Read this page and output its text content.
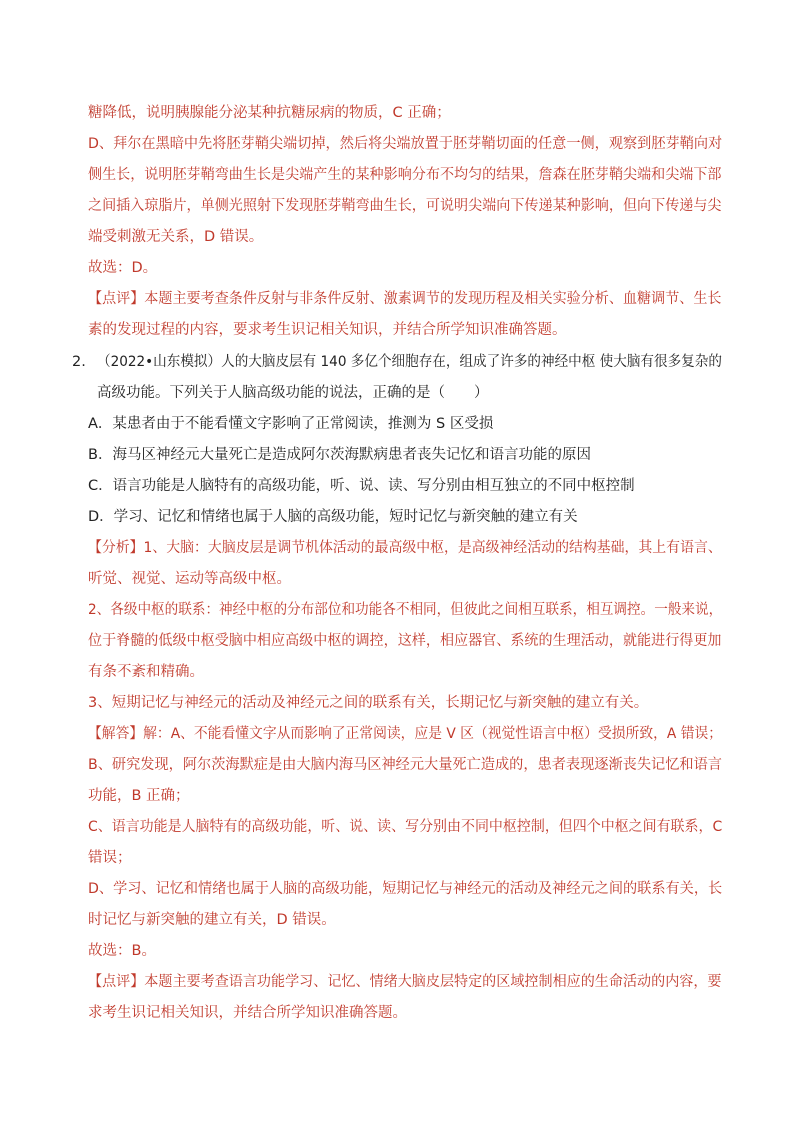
糖降低，说明胰腺能分泌某种抗糖尿病的物质，C 正确；
D、拜尔在黑暗中先将胚芽鞘尖端切掉，然后将尖端放置于胚芽鞘切面的任意一侧，观察到胚芽鞘向对
侧生长，说明胚芽鞘弯曲生长是尖端产生的某种影响分布不均匀的结果，詹森在胚芽鞘尖端和尖端下部
之间插入琼脂片，单侧光照射下发现胚芽鞘弯曲生长，可说明尖端向下传递某种影响，但向下传递与尖
端受刺激无关系，D 错误。
故选：D。
【点评】本题主要考查条件反射与非条件反射、激素调节的发现历程及相关实验分析、血糖调节、生长
素的发现过程的内容，要求考生识记相关知识，并结合所学知识准确答题。
2. （2022•山东模拟）人的大脑皮层有 140 多亿个细胞存在，组成了许多的神经中枢 使大脑有很多复杂的
高级功能。下列关于人脑高级功能的说法，正确的是（　　）
A．某患者由于不能看懂文字影响了正常阅读，推测为 S 区受损
B．海马区神经元大量死亡是造成阿尔茨海默病患者丧失记忆和语言功能的原因
C．语言功能是人脑特有的高级功能，听、说、读、写分别由相互独立的不同中枢控制
D．学习、记忆和情绪也属于人脑的高级功能，短时记忆与新突触的建立有关
【分析】1、大脑：大脑皮层是调节机体活动的最高级中枢，是高级神经活动的结构基础，其上有语言、
听觉、视觉、运动等高级中枢。
2、各级中枢的联系：神经中枢的分布部位和功能各不相同，但彼此之间相互联系，相互调控。一般来说，
位于脊髓的低级中枢受脑中相应高级中枢的调控，这样，相应器官、系统的生理活动，就能进行得更加
有条不紊和精确。
3、短期记忆与神经元的活动及神经元之间的联系有关，长期记忆与新突触的建立有关。
【解答】解：A、不能看懂文字从而影响了正常阅读，应是 V 区（视觉性语言中枢）受损所致，A 错误；
B、研究发现，阿尔茨海默症是由大脑内海马区神经元大量死亡造成的，患者表现逐渐丧失记忆和语言
功能，B 正确；
C、语言功能是人脑特有的高级功能，听、说、读、写分别由不同中枢控制，但四个中枢之间有联系，C
错误；
D、学习、记忆和情绪也属于人脑的高级功能，短期记忆与神经元的活动及神经元之间的联系有关，长
时记忆与新突触的建立有关，D 错误。
故选：B。
【点评】本题主要考查语言功能学习、记忆、情绪大脑皮层特定的区域控制相应的生命活动的内容，要
求考生识记相关知识，并结合所学知识准确答题。
